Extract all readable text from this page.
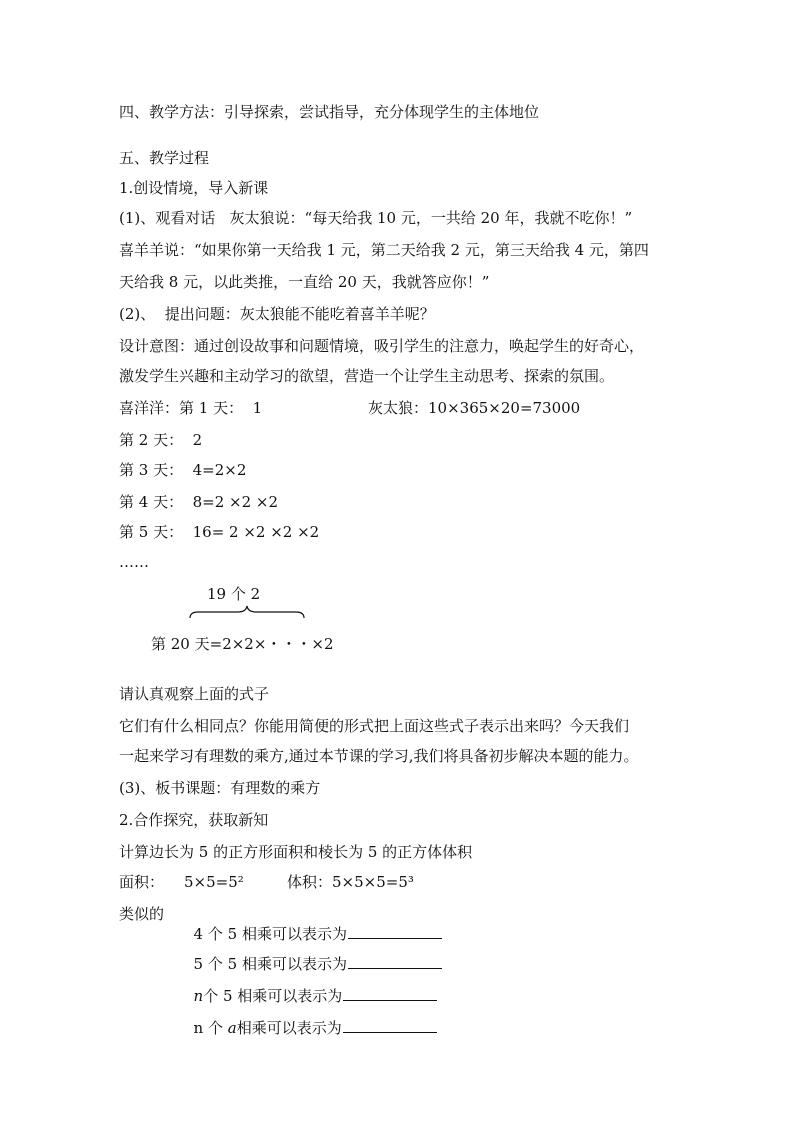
四、教学方法：引导探索，尝试指导，充分体现学生的主体地位

五、教学过程

1.创设情境，导入新课

(1)、观看对话   灰太狼说：“每天给我 10 元，一共给 20 年，我就不吃你！”

喜羊羊说：“如果你第一天给我 1 元，第二天给我 2 元，第三天给我 4 元，第四

天给我 8 元，以此类推，一直给 20 天，我就答应你！”

(2)、  提出问题：灰太狼能不能吃着喜羊羊呢？

设计意图：通过创设故事和问题情境，吸引学生的注意力，唤起学生的好奇心，

激发学生兴趣和主动学习的欲望，营造一个让学生主动思考、探索的氛围。

喜洋洋：第 1 天：  1	灰太狼：10×365×20=73000

第 2 天：  2

第 3 天：  4=2×2

第 4 天：  8=2 ×2 ×2

第 5 天：  16= 2 ×2 ×2 ×2

……

19 个 2
第 20 天=2×2×・・・×2

请认真观察上面的式子

它们有什么相同点？你能用简便的形式把上面这些式子表示出来吗？今天我们

一起来学习有理数的乘方,通过本节课的学习,我们将具备初步解决本题的能力。

(3)、板书课题：有理数的乘方

2.合作探究，获取新知

计算边长为 5 的正方形面积和棱长为 5 的正方体体积

面积： 5×5=5²	体积：5×5×5=5³

类似的

4 个 5 相乘可以表示为

5 个 5 相乘可以表示为

n个 5 相乘可以表示为

n 个 a相乘可以表示为
